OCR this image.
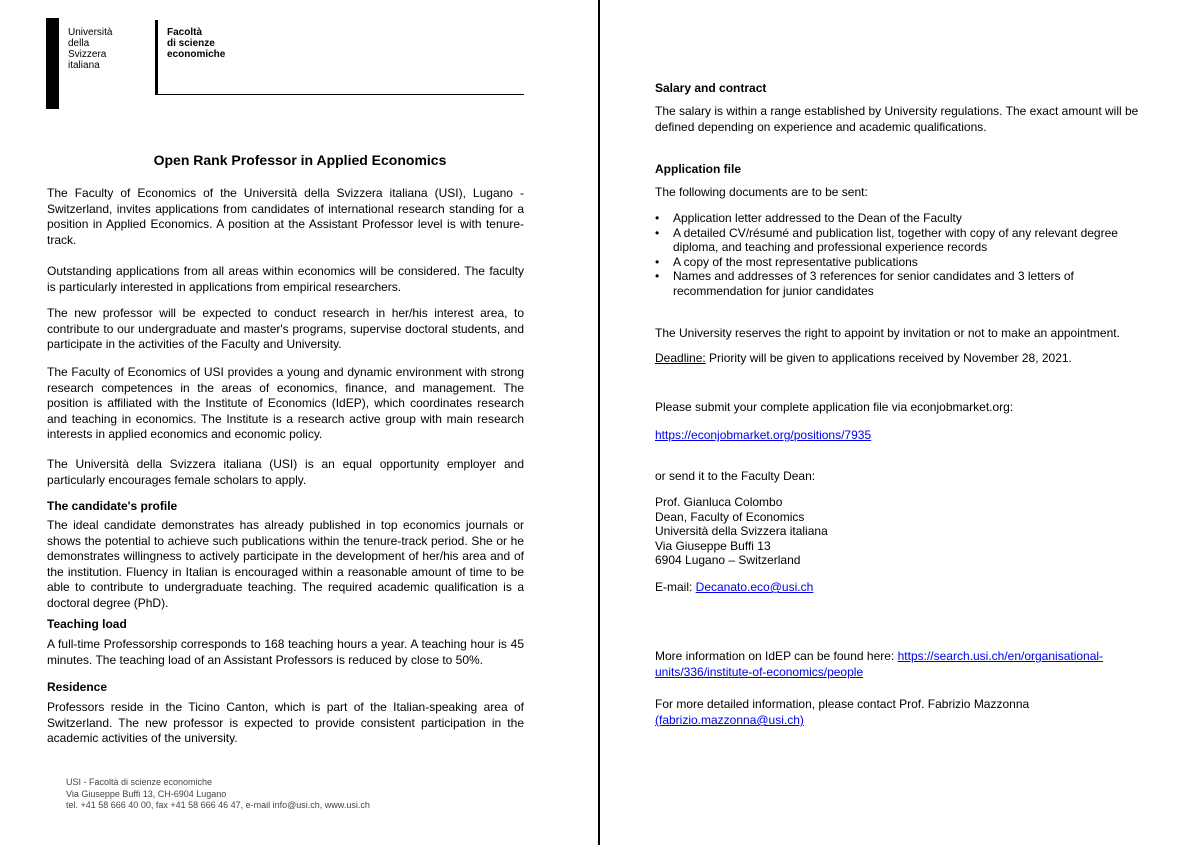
Università
della
Svizzera
italiana
Facoltà
di scienze
economiche
Open Rank Professor in Applied Economics
The Faculty of Economics of the Università della Svizzera italiana (USI), Lugano - Switzerland, invites applications from candidates of international research standing for a position in Applied Economics. A position at the Assistant Professor level is with tenure-track.
Outstanding applications from all areas within economics will be considered. The faculty is particularly interested in applications from empirical researchers.
The new professor will be expected to conduct research in her/his interest area, to contribute to our undergraduate and master's programs, supervise doctoral students, and participate in the activities of the Faculty and University.
The Faculty of Economics of USI provides a young and dynamic environment with strong research competences in the areas of economics, finance, and management. The position is affiliated with the Institute of Economics (IdEP), which coordinates research and teaching in economics. The Institute is a research active group with main research interests in applied economics and economic policy.
The Università della Svizzera italiana (USI) is an equal opportunity employer and particularly encourages female scholars to apply.
The candidate's profile
The ideal candidate demonstrates has already published in top economics journals or shows the potential to achieve such publications within the tenure-track period. She or he demonstrates willingness to actively participate in the development of her/his area and of the institution. Fluency in Italian is encouraged within a reasonable amount of time to be able to contribute to undergraduate teaching. The required academic qualification is a doctoral degree (PhD).
Teaching load
A full-time Professorship corresponds to 168 teaching hours a year. A teaching hour is 45 minutes. The teaching load of an Assistant Professors is reduced by close to 50%.
Residence
Professors reside in the Ticino Canton, which is part of the Italian-speaking area of Switzerland. The new professor is expected to provide consistent participation in the academic activities of the university.
USI - Facoltà di scienze economiche
Via Giuseppe Buffi 13, CH-6904 Lugano
tel. +41 58 666 40 00, fax +41 58 666 46 47, e-mail info@usi.ch, www.usi.ch
Salary and contract
The salary is within a range established by University regulations. The exact amount will be defined depending on experience and academic qualifications.
Application file
The following documents are to be sent:
• Application letter addressed to the Dean of the Faculty
• A detailed CV/résumé and publication list, together with copy of any relevant degree diploma, and teaching and professional experience records
• A copy of the most representative publications
• Names and addresses of 3 references for senior candidates and 3 letters of recommendation for junior candidates
The University reserves the right to appoint by invitation or not to make an appointment.
Deadline: Priority will be given to applications received by November 28, 2021.
Please submit your complete application file via econjobmarket.org:
https://econjobmarket.org/positions/7935
or send it to the Faculty Dean:
Prof. Gianluca Colombo
Dean, Faculty of Economics
Università della Svizzera italiana
Via Giuseppe Buffi 13
6904 Lugano – Switzerland
E-mail: Decanato.eco@usi.ch
More information on IdEP can be found here: https://search.usi.ch/en/organisational-units/336/institute-of-economics/people
For more detailed information, please contact Prof. Fabrizio Mazzonna
(fabrizio.mazzonna@usi.ch)
